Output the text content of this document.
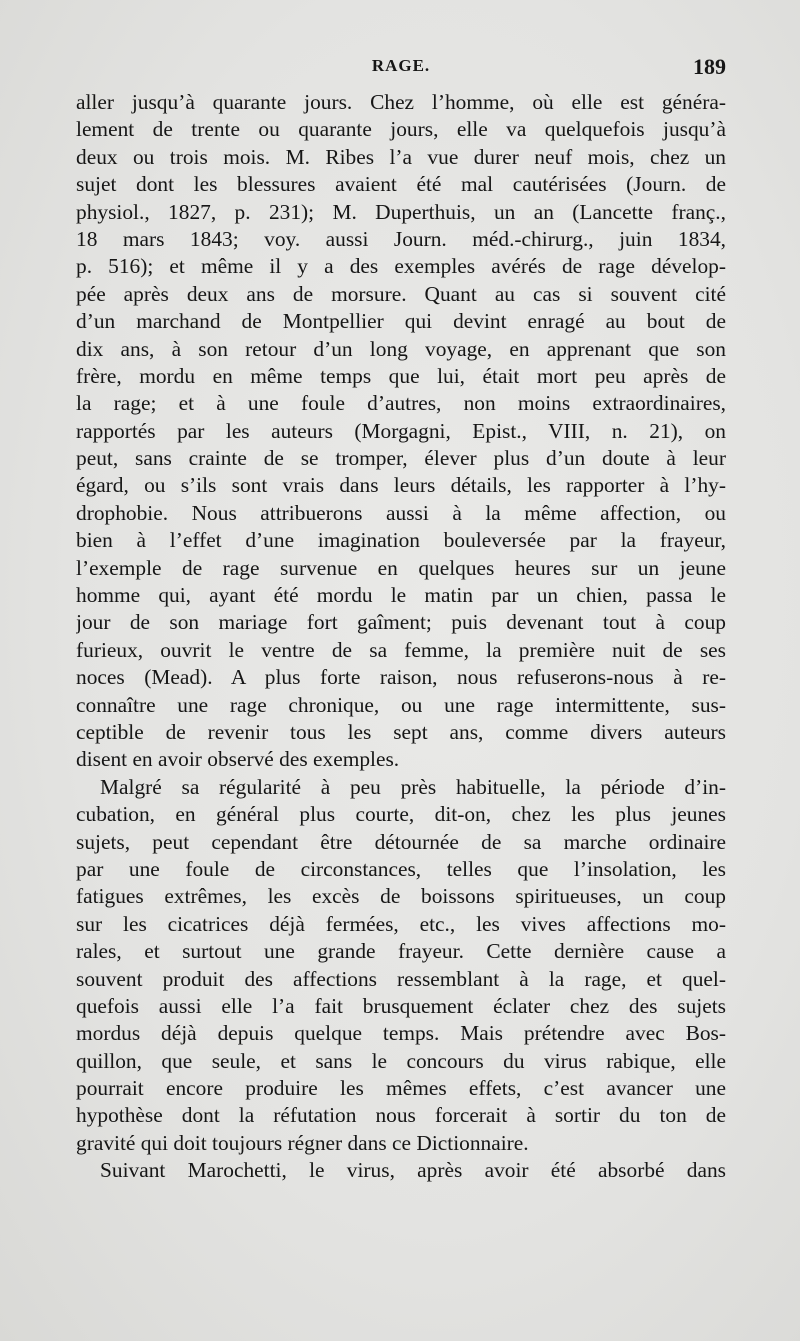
RAGE.	189
aller jusqu’à quarante jours. Chez l’homme, où elle est généra-
lement de trente ou quarante jours, elle va quelquefois jusqu’à
deux ou trois mois. M. Ribes l’a vue durer neuf mois, chez un
sujet dont les blessures avaient été mal cautérisées (Journ. de
physiol., 1827, p. 231); M. Duperthuis, un an (Lancette franç.,
18 mars 1843; voy. aussi Journ. méd.-chirurg., juin 1834,
p. 516); et même il y a des exemples avérés de rage dévelop-
pée après deux ans de morsure. Quant au cas si souvent cité
d’un marchand de Montpellier qui devint enragé au bout de
dix ans, à son retour d’un long voyage, en apprenant que son
frère, mordu en même temps que lui, était mort peu après de
la rage; et à une foule d’autres, non moins extraordinaires,
rapportés par les auteurs (Morgagni, Epist., VIII, n. 21), on
peut, sans crainte de se tromper, élever plus d’un doute à leur
égard, ou s’ils sont vrais dans leurs détails, les rapporter à l’hy-
drophobie. Nous attribuerons aussi à la même affection, ou
bien à l’effet d’une imagination bouleversée par la frayeur,
l’exemple de rage survenue en quelques heures sur un jeune
homme qui, ayant été mordu le matin par un chien, passa le
jour de son mariage fort gaîment; puis devenant tout à coup
furieux, ouvrit le ventre de sa femme, la première nuit de ses
noces (Mead). A plus forte raison, nous refuserons-nous à re-
connaître une rage chronique, ou une rage intermittente, sus-
ceptible de revenir tous les sept ans, comme divers auteurs
disent en avoir observé des exemples.
Malgré sa régularité à peu près habituelle, la période d’in-
cubation, en général plus courte, dit-on, chez les plus jeunes
sujets, peut cependant être détournée de sa marche ordinaire
par une foule de circonstances, telles que l’insolation, les
fatigues extrêmes, les excès de boissons spiritueuses, un coup
sur les cicatrices déjà fermées, etc., les vives affections mo-
rales, et surtout une grande frayeur. Cette dernière cause a
souvent produit des affections ressemblant à la rage, et quel-
quefois aussi elle l’a fait brusquement éclater chez des sujets
mordus déjà depuis quelque temps. Mais prétendre avec Bos-
quillon, que seule, et sans le concours du virus rabique, elle
pourrait encore produire les mêmes effets, c’est avancer une
hypothèse dont la réfutation nous forcerait à sortir du ton de
gravité qui doit toujours régner dans ce Dictionnaire.
Suivant Marochetti, le virus, après avoir été absorbé dans
